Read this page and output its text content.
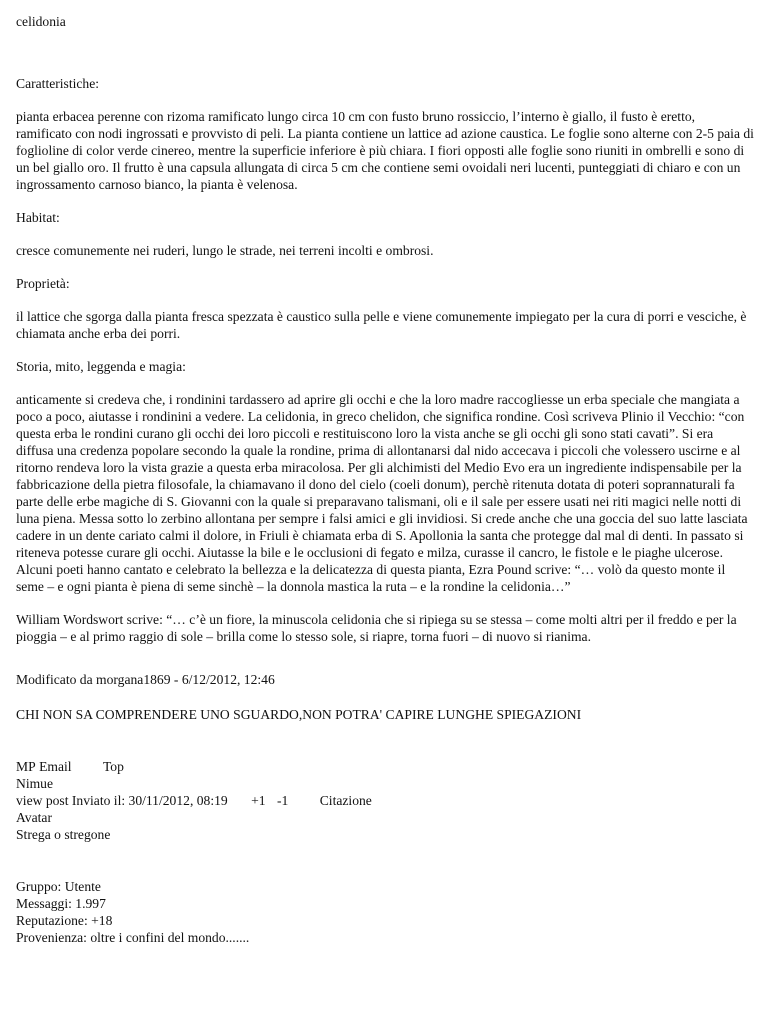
celidonia

Caratteristiche:

pianta erbacea perenne con rizoma ramificato lungo circa 10 cm con fusto bruno rossiccio, l’interno è giallo, il fusto è eretto, ramificato con nodi ingrossati e provvisto di peli. La pianta contiene un lattice ad azione caustica. Le foglie sono alterne con 2-5 paia di foglioline di color verde cinereo, mentre la superficie inferiore è più chiara. I fiori opposti alle foglie sono riuniti in ombrelli e sono di un bel giallo oro. Il frutto è una capsula allungata di circa 5 cm che contiene semi ovoidali neri lucenti, punteggiati di chiaro e con un ingrossamento carnoso bianco, la pianta è velenosa.

Habitat:

cresce comunemente nei ruderi, lungo le strade, nei terreni incolti e ombrosi.

Proprietà:

il lattice che sgorga dalla pianta fresca spezzata è caustico sulla pelle e viene comunemente impiegato per la cura di porri e vesciche, è chiamata anche erba dei porri.

Storia, mito, leggenda e magia:

anticamente si credeva che, i rondinini tardassero ad aprire gli occhi e che la loro madre raccogliesse un erba speciale che mangiata a poco a poco, aiutasse i rondinini a vedere. La celidonia, in greco chelidon, che significa rondine. Così scriveva Plinio il Vecchio: “con questa erba le rondini curano gli occhi dei loro piccoli e restituiscono loro la vista anche se gli occhi gli sono stati cavati”. Si era diffusa una credenza popolare secondo la quale la rondine, prima di allontanarsi dal nido accecava i piccoli che volessero uscirne e al ritorno rendeva loro la vista grazie a questa erba miracolosa. Per gli alchimisti del Medio Evo era un ingrediente indispensabile per la fabbricazione della pietra filosofale, la chiamavano il dono del cielo (coeli donum), perchè ritenuta dotata di poteri soprannaturali fa parte delle erbe magiche di S. Giovanni con la quale si preparavano talismani, oli e il sale per essere usati nei riti magici nelle notti di luna piena. Messa sotto lo zerbino allontana per sempre i falsi amici e gli invidiosi. Si crede anche che una goccia del suo latte lasciata cadere in un dente cariato calmi il dolore, in Friuli è chiamata erba di S. Apollonia la santa che protegge dal mal di denti. In passato si riteneva potesse curare gli occhi. Aiutasse la bile e le occlusioni di fegato e milza, curasse il cancro, le fistole e le piaghe ulcerose. Alcuni poeti hanno cantato e celebrato la bellezza e la delicatezza di questa pianta, Ezra Pound scrive: “… volò da questo monte il seme – e ogni pianta è piena di seme sinchè – la donnola mastica la ruta – e la rondine la celidonia…”

William Wordswort scrive: “… c’è un fiore, la minuscola celidonia che si ripiega su se stessa – come molti altri per il freddo e per la pioggia – e al primo raggio di sole – brilla come lo stesso sole, si riapre, torna fuori – di nuovo si rianima.

Modificato da morgana1869 - 6/12/2012, 12:46

CHI NON SA COMPRENDERE UNO SGUARDO,NON POTRA' CAPIRE LUNGHE SPIEGAZIONI

MP Email Top

Nimue

view post Inviato il: 30/11/2012, 08:19 +1 -1 Citazione

Avatar

Strega o stregone

Gruppo: Utente

Messaggi: 1.997

Reputazione: +18

Provenienza: oltre i confini del mondo.......
